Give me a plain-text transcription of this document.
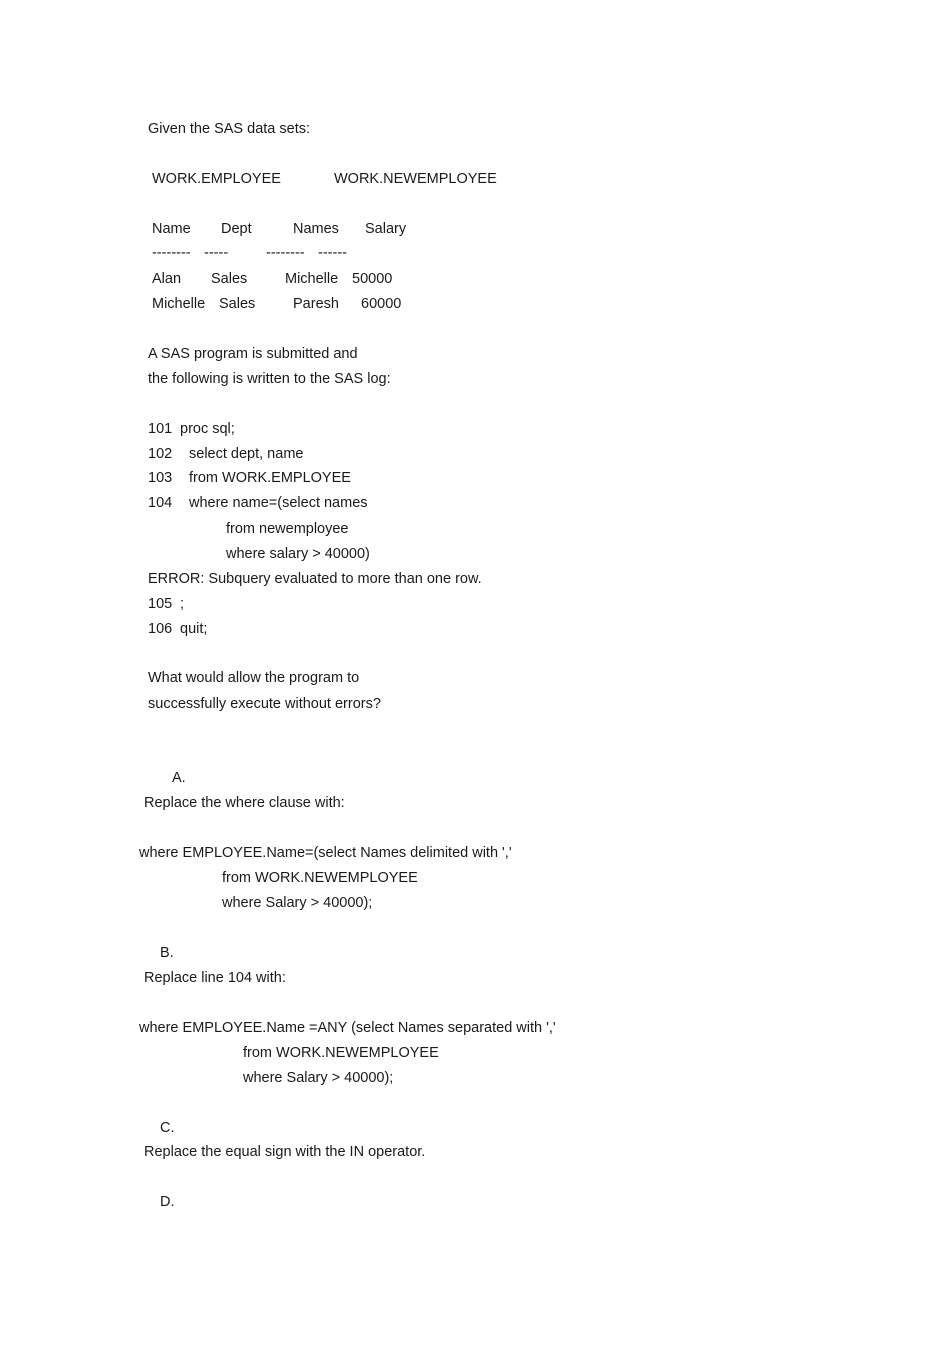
Given the SAS data sets:
WORK.EMPLOYEE	WORK.NEWEMPLOYEE
Name Dept	Names Salary
-------- -----	-------- ------
Alan Sales	Michelle 50000
Michelle Sales	Paresh 60000
A SAS program is submitted and
the following is written to the SAS log:
101 proc sql;
102 select dept, name
103 from WORK.EMPLOYEE
104 where name=(select names
from newemployee
where salary > 40000)
ERROR: Subquery evaluated to more than one row.
105 ;
106 quit;
What would allow the program to
successfully execute without errors?
A.
Replace the where clause with:
where EMPLOYEE.Name=(select Names delimited with ','
from WORK.NEWEMPLOYEE
where Salary > 40000);
B.
Replace line 104 with:
where EMPLOYEE.Name =ANY (select Names separated with ','
from WORK.NEWEMPLOYEE
where Salary > 40000);
C.
Replace the equal sign with the IN operator.
D.
